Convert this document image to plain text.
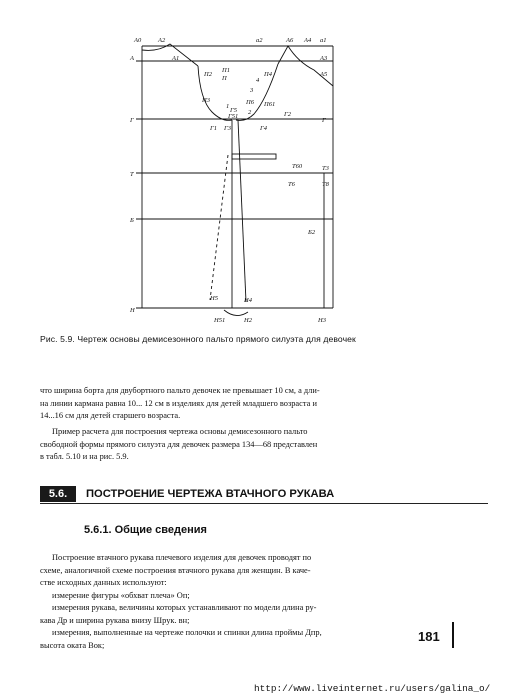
A0	A2
A1
A
a2	A6 A4 a1
A3
A5
П2
П1
П
П4
Г
П3	П6 П61
Г1 Г3
Г5
Г4
Г2
Г
Т
Т60
Т6
Т3
Т8
Б
Б2
Н
Н5	Н4
Н51	Н2	Н3
1
2
3
4
Г51
Рис. 5.9. Чертеж основы демисезонного пальто прямого силуэта для девочек
что ширина борта для двубортного пальто девочек не превышает 10 см, а дли-
на линии кармана равна 10... 12 см в изделиях для детей младшего возраста и
14...16 см для детей старшего возраста.
Пример расчета для построения чертежа основы демисезонного пальто
свободной формы прямого силуэта для девочек размера 134—68 представлен
в табл. 5.10 и на рис. 5.9.
5.6.	ПОСТРОЕНИЕ ЧЕРТЕЖА ВТАЧНОГО РУКАВА
5.6.1. Общие сведения
Построение втачного рукава плечевого изделия для девочек проводят по
схеме, аналогичной схеме построения втачного рукава для женщин. В каче-
стве исходных данных используют:
измерение фигуры «обхват плеча» Оп;
измерения рукава, величины которых устанавливают по модели длина ру-
кава Др и ширина рукава внизу Шрук. вн;
измерения, выполненные на чертеже полочки и спинки длина проймы Дпр,
высота оката Вок;
181
http://www.liveinternet.ru/users/galina_o/
